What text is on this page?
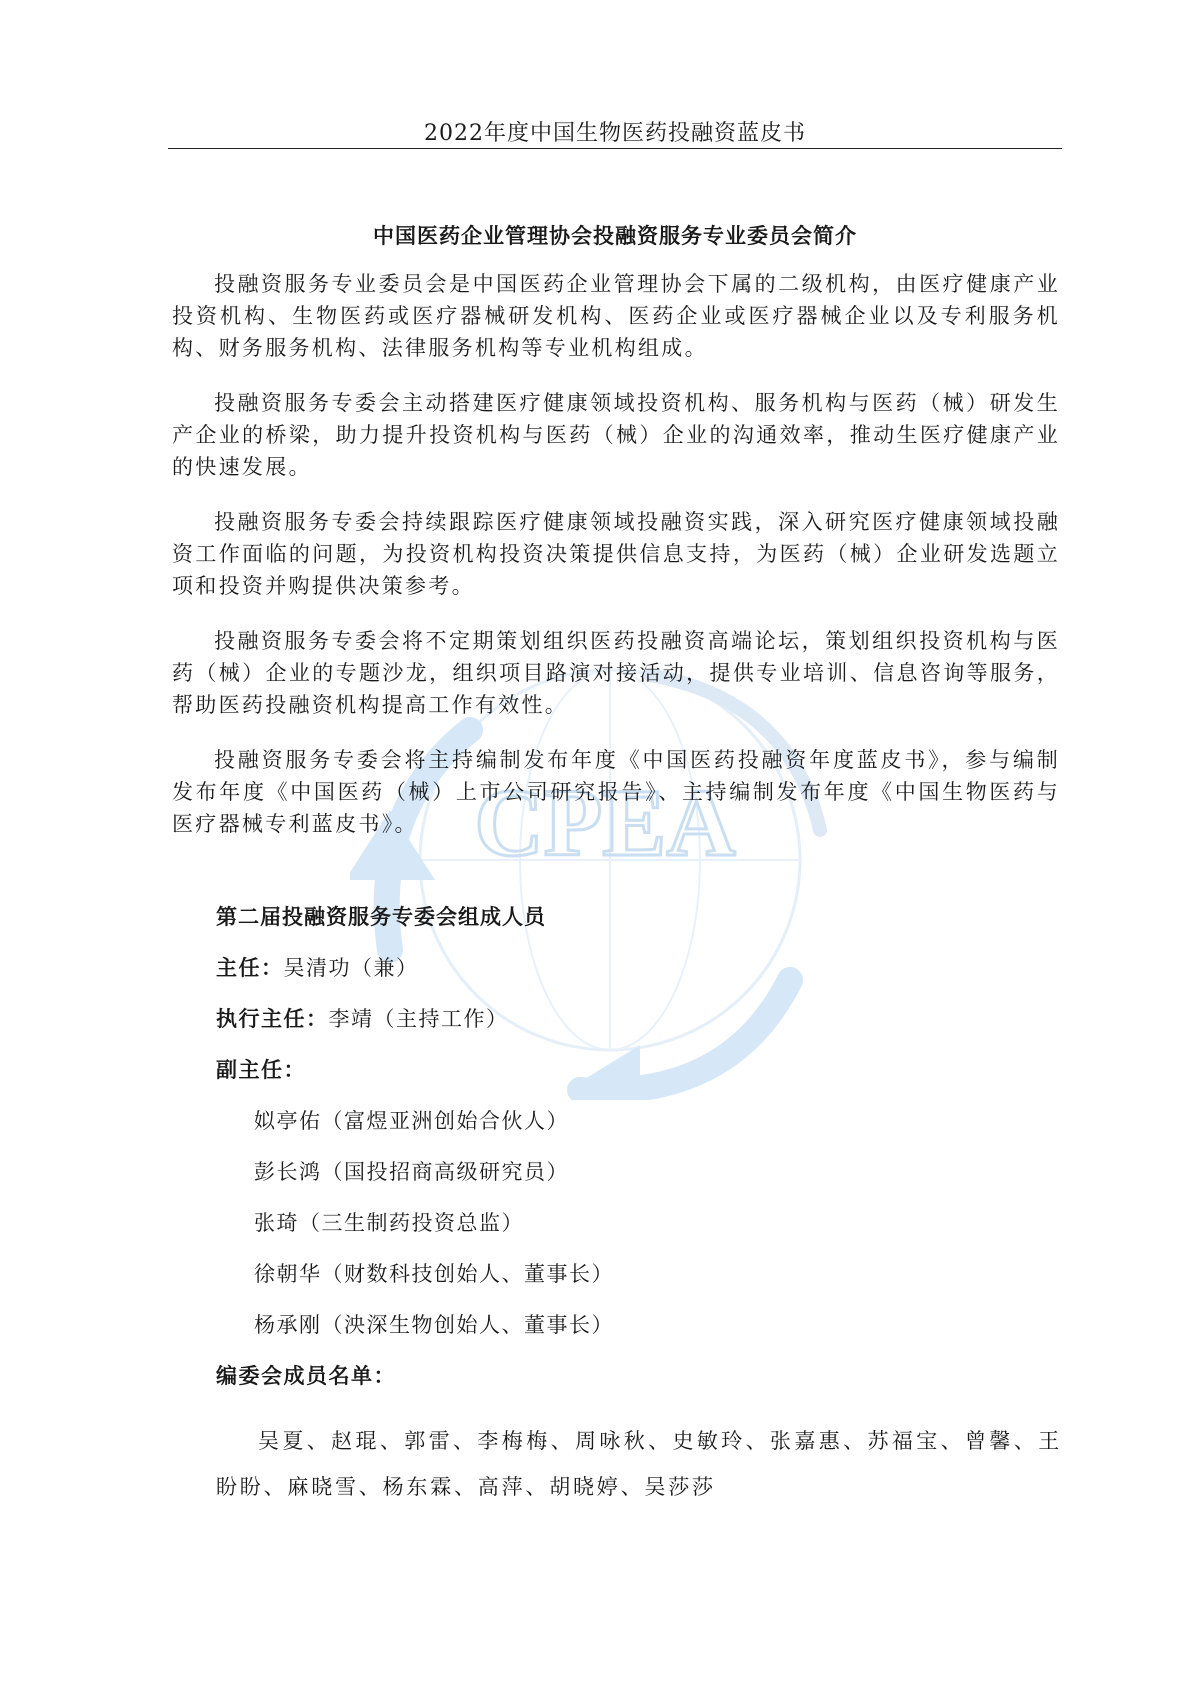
2022年度中国生物医药投融资蓝皮书
CPEA
中国医药企业管理协会投融资服务专业委员会简介

投融资服务专业委员会是中国医药企业管理协会下属的二级机构，由医疗健康产业投资机构、生物医药或医疗器械研发机构、医药企业或医疗器械企业以及专利服务机构、财务服务机构、法律服务机构等专业机构组成。

投融资服务专委会主动搭建医疗健康领域投资机构、服务机构与医药（械）研发生产企业的桥梁，助力提升投资机构与医药（械）企业的沟通效率，推动生医疗健康产业的快速发展。

投融资服务专委会持续跟踪医疗健康领域投融资实践，深入研究医疗健康领域投融资工作面临的问题，为投资机构投资决策提供信息支持，为医药（械）企业研发选题立项和投资并购提供决策参考。

投融资服务专委会将不定期策划组织医药投融资高端论坛，策划组织投资机构与医药（械）企业的专题沙龙，组织项目路演对接活动，提供专业培训、信息咨询等服务，帮助医药投融资机构提高工作有效性。

投融资服务专委会将主持编制发布年度《中国医药投融资年度蓝皮书》，参与编制发布年度《中国医药（械）上市公司研究报告》、主持编制发布年度《中国生物医药与医疗器械专利蓝皮书》。

第二届投融资服务专委会组成人员
主任：吴清功（兼）
执行主任：李靖（主持工作）
副主任：
姒亭佑（富煜亚洲创始合伙人）
彭长鸿（国投招商高级研究员）
张琦（三生制药投资总监）
徐朝华（财数科技创始人、董事长）
杨承刚（泱深生物创始人、董事长）
编委会成员名单：
吴夏、赵琨、郭雷、李梅梅、周咏秋、史敏玲、张嘉惠、苏福宝、曾馨、王盼盼、麻晓雪、杨东霖、高萍、胡晓婷、吴莎莎
